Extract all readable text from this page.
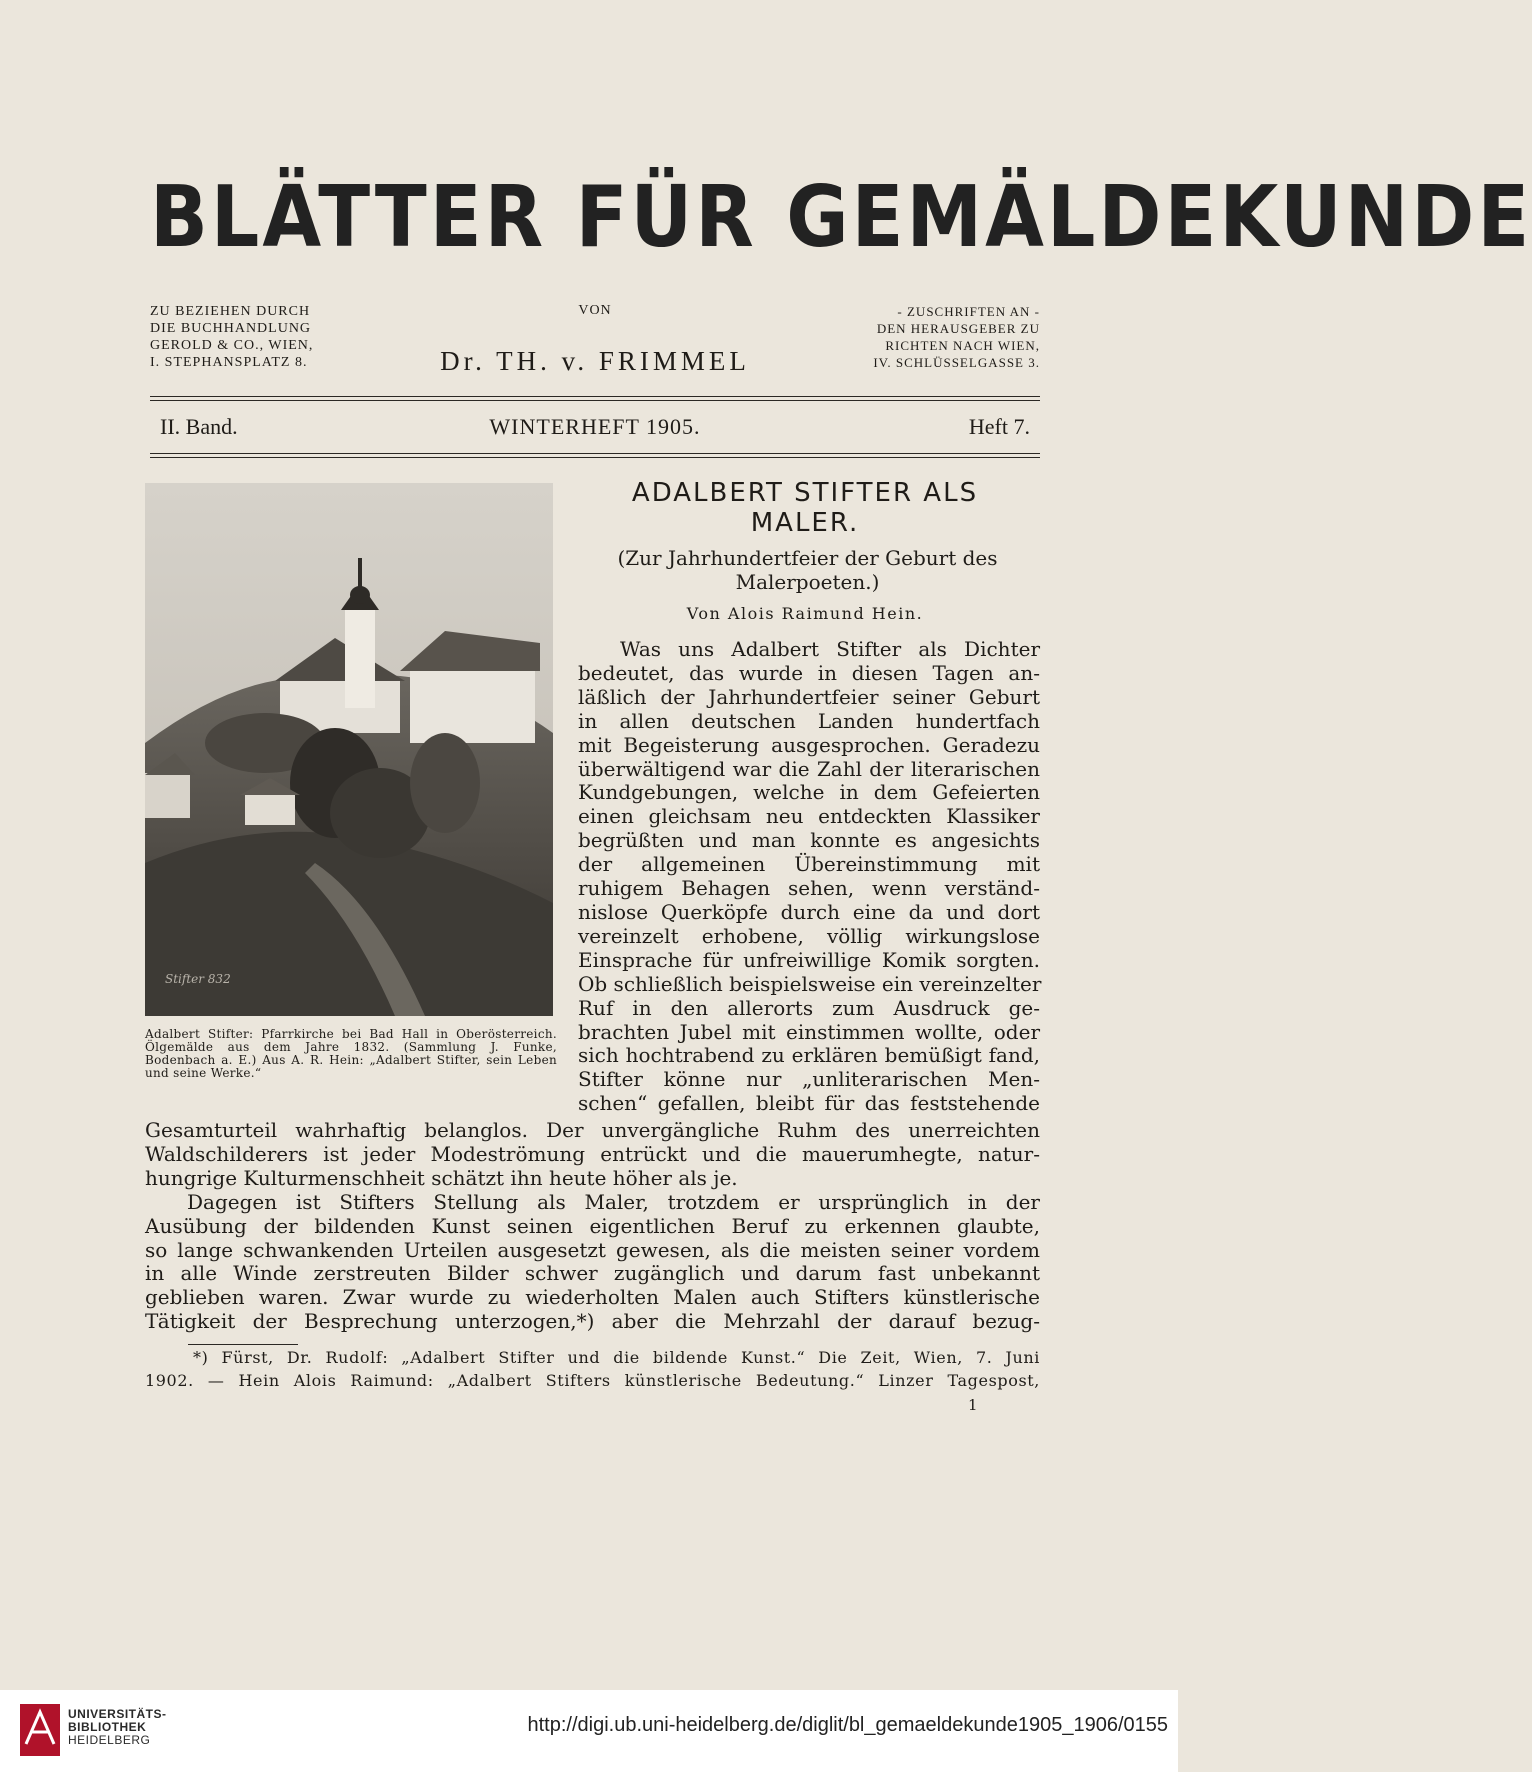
BLÄTTER FÜR GEMÄLDEKUNDE
ZU BEZIEHEN DURCH
DIE BUCHHANDLUNG
GEROLD & CO., WIEN,
I. STEPHANSPLATZ 8.
VON
Dr. TH. v. FRIMMEL
- ZUSCHRIFTEN AN -
DEN HERAUSGEBER ZU
RICHTEN NACH WIEN,
IV. SCHLÜSSELGASSE 3.
II. Band.	WINTERHEFT 1905.	Heft 7.
Stifter 832
Adalbert Stifter: Pfarrkirche bei Bad Hall in Oberösterreich. Ölgemälde aus dem Jahre 1832. (Sammlung J. Funke, Bodenbach a. E.) Aus A. R. Hein: „Adalbert Stifter, sein Leben und seine Werke.“
ADALBERT STIFTER ALS
MALER.
(Zur Jahrhundertfeier der Geburt des Malerpoeten.)
Von Alois Raimund Hein.
Was uns Adalbert Stifter als Dichter
bedeutet, das wurde in diesen Tagen an-
läßlich der Jahrhundertfeier seiner Geburt
in allen deutschen Landen hundertfach
mit Begeisterung ausgesprochen. Geradezu
überwältigend war die Zahl der literarischen
Kundgebungen, welche in dem Gefeierten
einen gleichsam neu entdeckten Klassiker
begrüßten und man konnte es angesichts
der allgemeinen Übereinstimmung mit
ruhigem Behagen sehen, wenn verständ-
nislose Querköpfe durch eine da und dort
vereinzelt erhobene, völlig wirkungslose
Einsprache für unfreiwillige Komik sorgten.
Ob schließlich beispielsweise ein vereinzelter
Ruf in den allerorts zum Ausdruck ge-
brachten Jubel mit einstimmen wollte, oder
sich hochtrabend zu erklären bemüßigt fand,
Stifter könne nur „unliterarischen Men-
schen“ gefallen, bleibt für das feststehende
Gesamturteil wahrhaftig belanglos. Der unvergängliche Ruhm des unerreichten
Waldschilderers ist jeder Modeströmung entrückt und die mauerumhegte, natur-
hungrige Kulturmenschheit schätzt ihn heute höher als je.
Dagegen ist Stifters Stellung als Maler, trotzdem er ursprünglich in der
Ausübung der bildenden Kunst seinen eigentlichen Beruf zu erkennen glaubte,
so lange schwankenden Urteilen ausgesetzt gewesen, als die meisten seiner vordem
in alle Winde zerstreuten Bilder schwer zugänglich und darum fast unbekannt
geblieben waren. Zwar wurde zu wiederholten Malen auch Stifters künstlerische
Tätigkeit der Besprechung unterzogen,*) aber die Mehrzahl der darauf bezug-
*) Fürst, Dr. Rudolf: „Adalbert Stifter und die bildende Kunst.“ Die Zeit, Wien, 7. Juni
1902. — Hein Alois Raimund: „Adalbert Stifters künstlerische Bedeutung.“ Linzer Tagespost,
1
UNIVERSITÄTS-
BIBLIOTHEK
HEIDELBERG
http://digi.ub.uni-heidelberg.de/diglit/bl_gemaeldekunde1905_1906/0155
